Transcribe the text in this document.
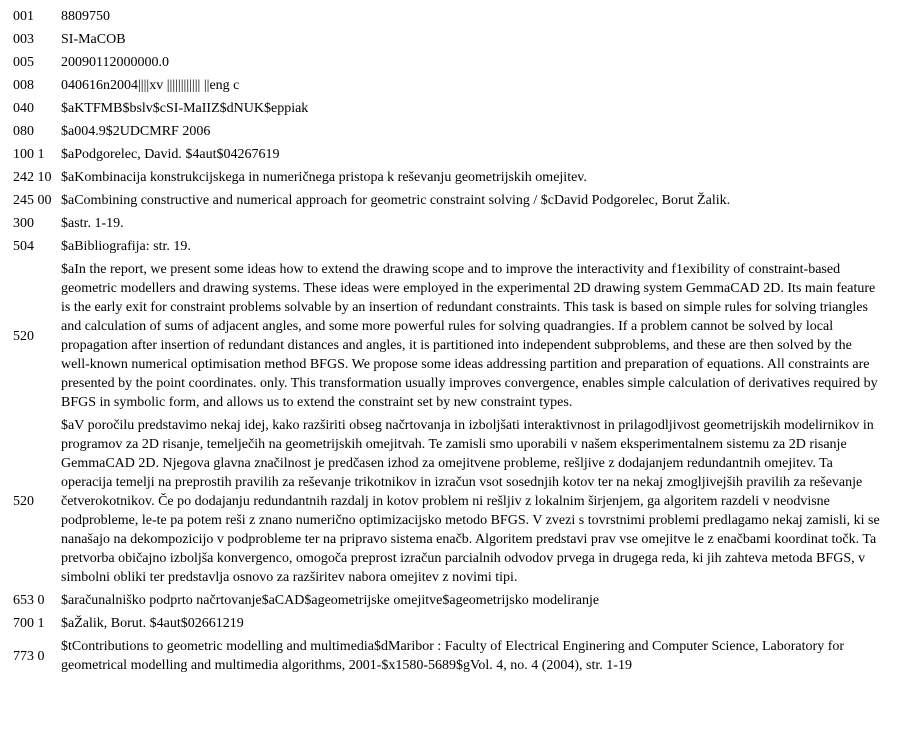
001	8809750
003	SI-MaCOB
005	20090112000000.0
008	040616n2004||||xv |||||||||||| ||eng c
040	$aKTFMB$bslv$cSI-MaIIZ$dNUK$eppiak
080	$a004.9$2UDCMRF 2006
100 1	$aPodgorelec, David. $4aut$04267619
242 10	$aKombinacija konstrukcijskega in numeričnega pristopa k reševanju geometrijskih omejitev.
245 00	$aCombining constructive and numerical approach for geometric constraint solving / $cDavid Podgorelec, Borut Žalik.
300	$astr. 1-19.
504	$aBibliografija: str. 19.
520	$aIn the report, we present some ideas how to extend the drawing scope and to improve the interactivity and f1exibility of constraint-based geometric modellers and drawing systems. These ideas were employed in the experimental 2D drawing system GemmaCAD 2D. Its main feature is the early exit for constraint problems solvable by an insertion of redundant constraints. This task is based on simple rules for solving triangles and calculation of sums of adjacent angles, and some more powerful rules for solving quadrangies. If a problem cannot be solved by local propagation after insertion of redundant distances and angles, it is partitioned into independent subproblems, and these are then solved by the well-known numerical optimisation method BFGS. We propose some ideas addressing partition and preparation of equations. All constraints are presented by the point coordinates. only. This transformation usually improves convergence, enables simple calculation of derivatives required by BFGS in symbolic form, and allows us to extend the constraint set by new constraint types.
520	$aV poročilu predstavimo nekaj idej, kako razširiti obseg načrtovanja in izboljšati interaktivnost in prilagodljivost geometrijskih modelirnikov in programov za 2D risanje, temelječih na geometrijskih omejitvah. Te zamisli smo uporabili v našem eksperimentalnem sistemu za 2D risanje GemmaCAD 2D. Njegova glavna značilnost je predčasen izhod za omejitvene probleme, rešljive z dodajanjem redundantnih omejitev. Ta operacija temelji na preprostih pravilih za reševanje trikotnikov in izračun vsot sosednjih kotov ter na nekaj zmogljivejših pravilih za reševanje četverokotnikov. Če po dodajanju redundantnih razdalj in kotov problem ni rešljiv z lokalnim širjenjem, ga algoritem razdeli v neodvisne podprobleme, le-te pa potem reši z znano numerično optimizacijsko metodo BFGS. V zvezi s tovrstnimi problemi predlagamo nekaj zamisli, ki se nanašajo na dekompozicijo v podprobleme ter na pripravo sistema enačb. Algoritem predstavi prav vse omejitve le z enačbami koordinat točk. Ta pretvorba običajno izboljša konvergenco, omogoča preprost izračun parcialnih odvodov prvega in drugega reda, ki jih zahteva metoda BFGS, v simbolni obliki ter predstavlja osnovo za razširitev nabora omejitev z novimi tipi.
653 0	$aračunalniško podprto načrtovanje$aCAD$ageometrijske omejitve$ageometrijsko modeliranje
700 1	$aŽalik, Borut. $4aut$02661219
773 0	$tContributions to geometric modelling and multimedia$dMaribor : Faculty of Electrical Enginering and Computer Science, Laboratory for geometrical modelling and multimedia algorithms, 2001-$x1580-5689$gVol. 4, no. 4 (2004), str. 1-19
